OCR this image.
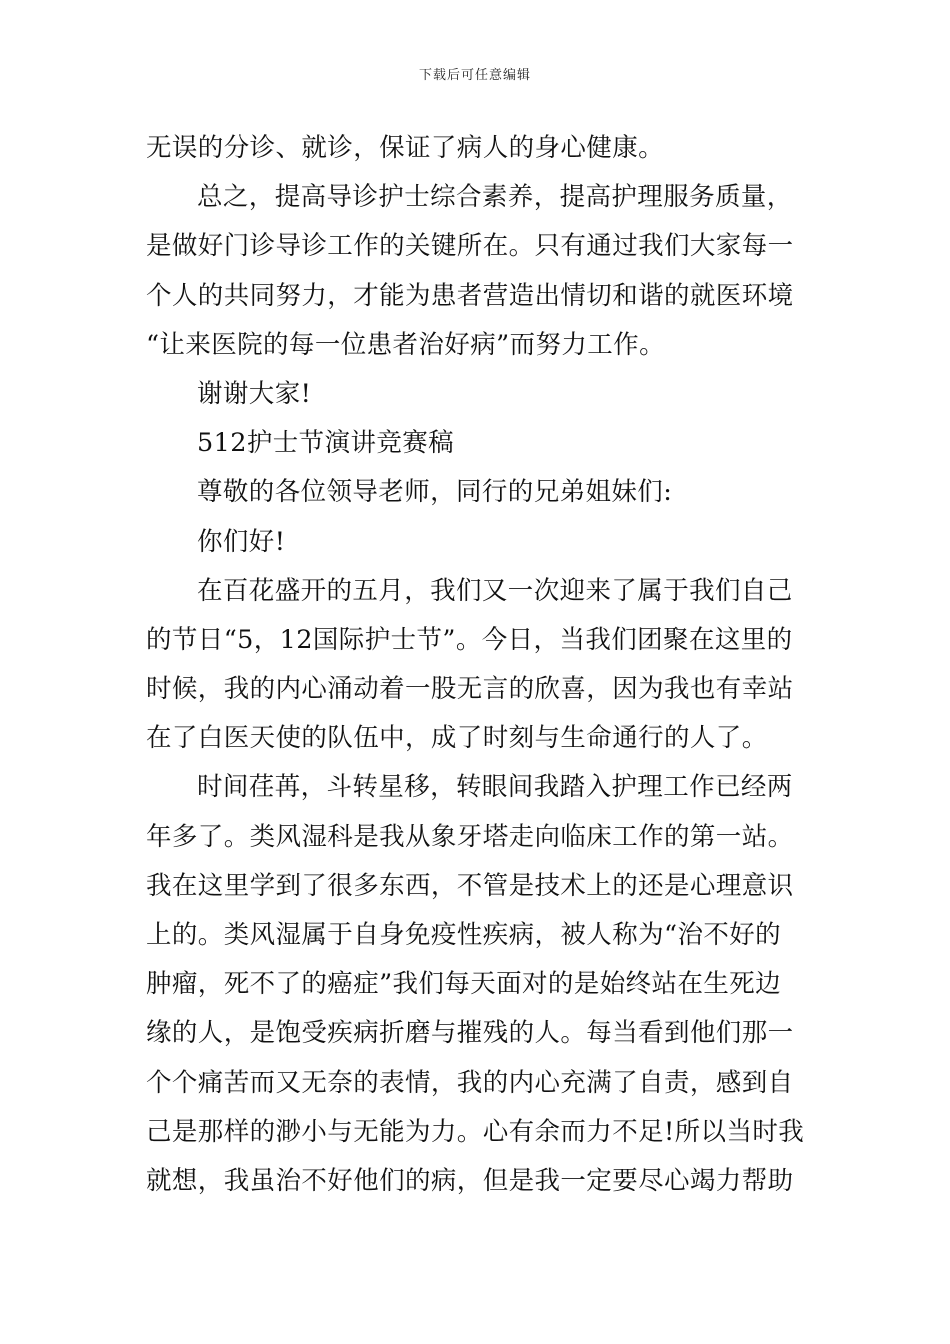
下载后可任意编辑
无误的分诊、就诊，保证了病人的身心健康。
总之，提高导诊护士综合素养，提高护理服务质量，
是做好门诊导诊工作的关键所在。只有通过我们大家每一
个人的共同努力，才能为患者营造出情切和谐的就医环境
“让来医院的每一位患者治好病”而努力工作。
谢谢大家!
512护士节演讲竞赛稿
尊敬的各位领导老师，同行的兄弟姐妹们:
你们好!
在百花盛开的五月，我们又一次迎来了属于我们自己
的节日“5，12国际护士节”。今日，当我们团聚在这里的
时候，我的内心涌动着一股无言的欣喜，因为我也有幸站
在了白医天使的队伍中，成了时刻与生命通行的人了。
时间荏苒，斗转星移，转眼间我踏入护理工作已经两
年多了。类风湿科是我从象牙塔走向临床工作的第一站。
我在这里学到了很多东西，不管是技术上的还是心理意识
上的。类风湿属于自身免疫性疾病，被人称为“治不好的
肿瘤，死不了的癌症”我们每天面对的是始终站在生死边
缘的人，是饱受疾病折磨与摧残的人。每当看到他们那一
个个痛苦而又无奈的表情，我的内心充满了自责，感到自
己是那样的渺小与无能为力。心有余而力不足!所以当时我
就想，我虽治不好他们的病，但是我一定要尽心竭力帮助
